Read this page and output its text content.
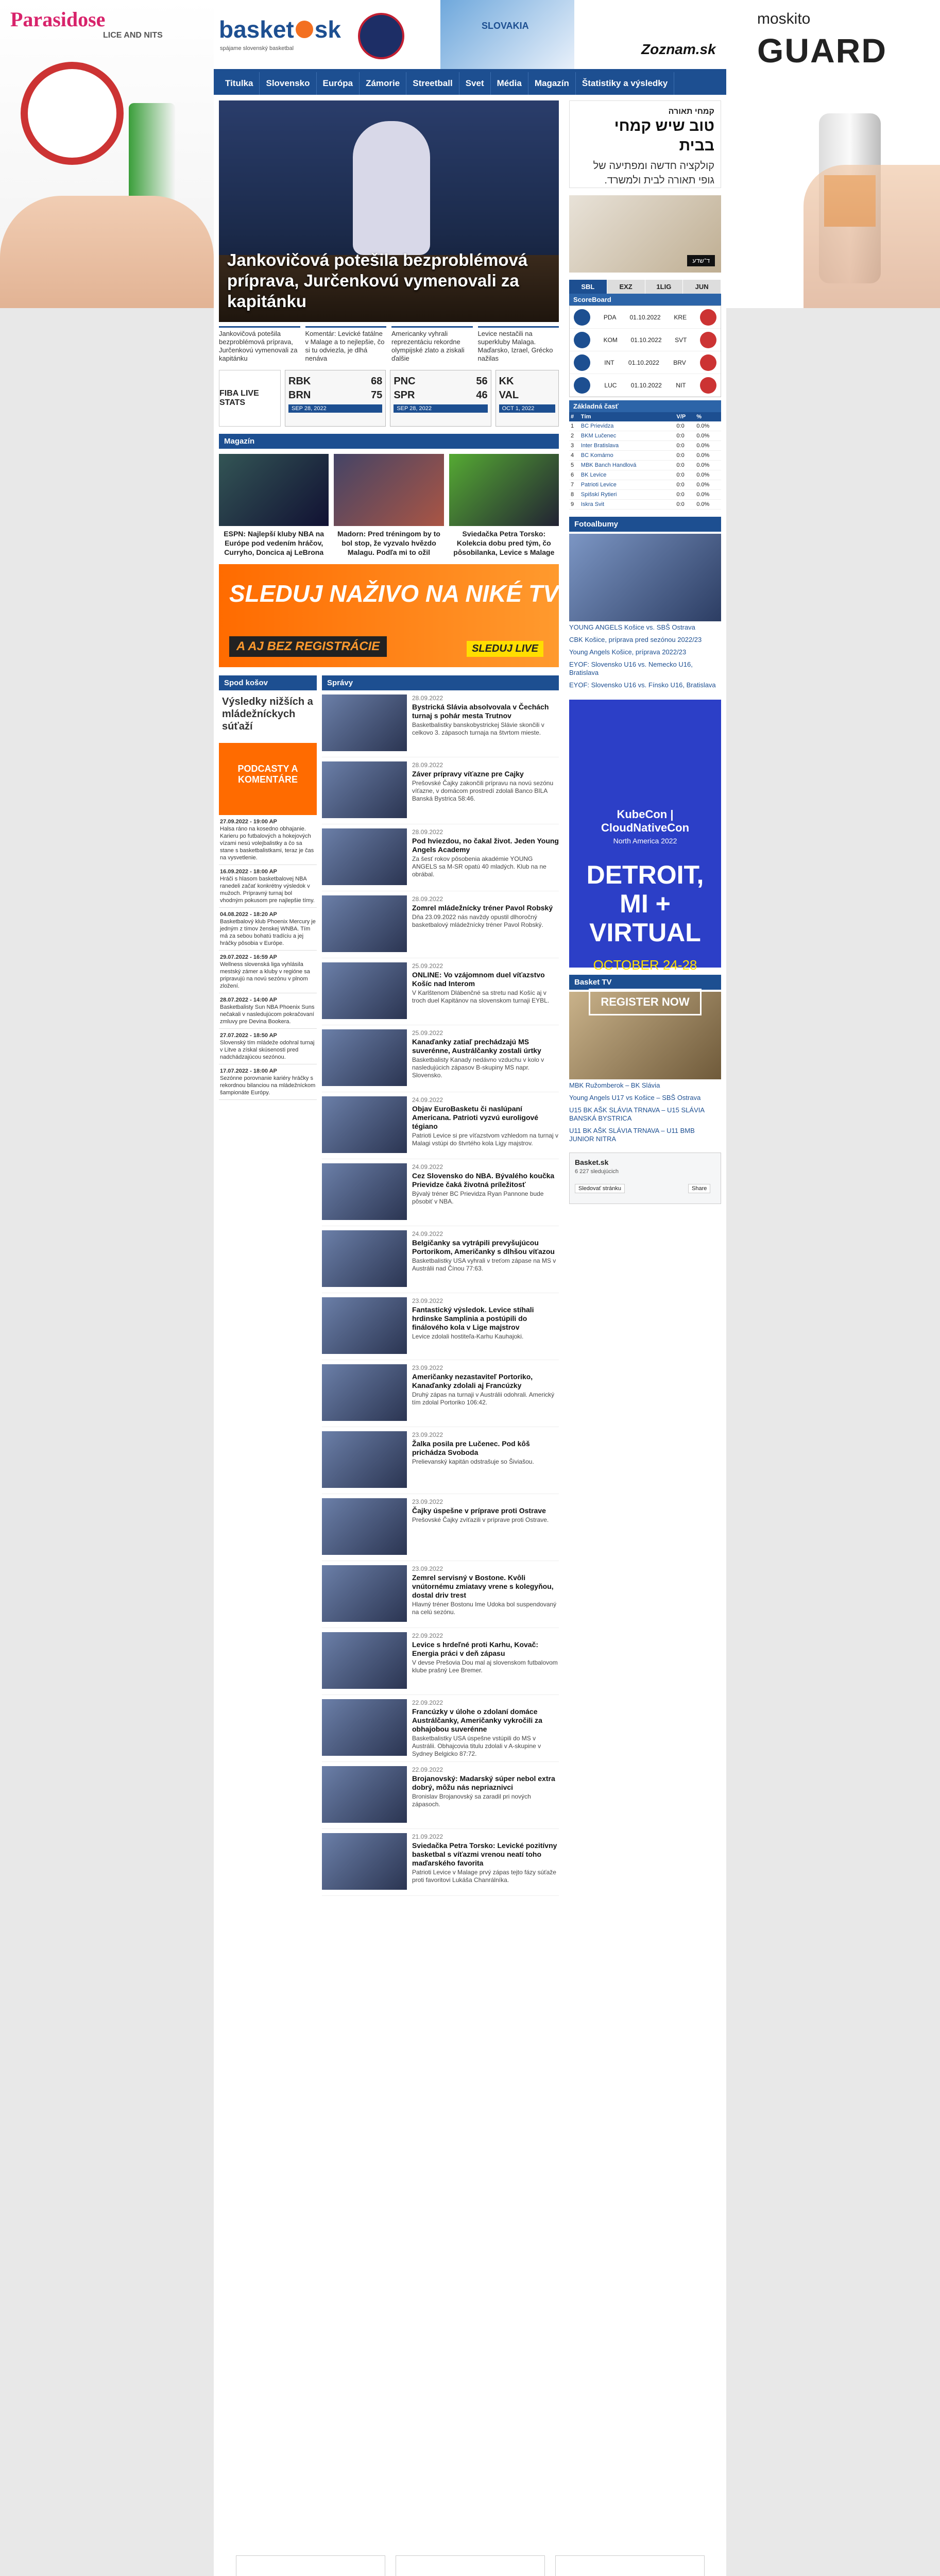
Parasidose
LICE AND NITS
moskito
GUARD
basket sk
spájame slovenský basketbal
SLOVAKIA
Zoznam.sk
Titulka	Slovensko	Európa	Zámorie	Streetball	Svet	Média	Magazín	Štatistiky a výsledky
Jankovičová potešila bezproblémová príprava, Jurčenkovú vymenovali za kapitánku
Jankovičová potešila bezproblémová príprava, Jurčenkovú vymenovali za kapitánku
Komentár: Levické fatálne v Malage a to nejlepšie, čo si tu odviezla, je dlhá nenáva
Americanky vyhrali reprezentáciu rekordne olympijské zlato a ziskali ďalšie
Levice nestačili na superkluby Malaga. Maďarsko, Izrael, Grécko nažilas
FIBA LIVE STATS
RBK	68
BRN	75
SEP 28, 2022
PNC	56
SPR	46
SEP 28, 2022
KK
VAL
OCT 1, 2022
Magazín
ESPN: Najlepší kluby NBA na Európe pod vedením hráčov, Curryho, Doncica aj LeBrona
Madorn: Pred tréningom by to bol stop, že vyzvalo hvězdo Malagu. Podľa mi to ožil
Sviedačka Petra Torsko: Kolekcia dobu pred tým, čo pôsobilanka, Levice s Malage
SLEDUJ NAŽIVO NA NIKÉ TV
A AJ BEZ REGISTRÁCIE	SLEDUJ LIVE
Spod košov
Výsledky nižších a mládežníckych súťaží
PODCASTY A KOMENTÁRE
27.09.2022 - 19:00 AP
Halsa ráno na kosedno obhajanie. Karieru po futbalových a hokejových vízami nesú volejbalistky a čo sa stane s basketbalistkami, teraz je čas na vysvetlenie.
16.09.2022 - 18:00 AP
Hráči s hlasom basketbalovej NBA ranedeli začať konkrétny výsledok v mužoch. Prípravný turnaj bol vhodným pokusom pre najlepšie tímy.
04.08.2022 - 18:20 AP
Basketbalový klub Phoenix Mercury je jedným z tímov ženskej WNBA. Tím má za sebou bohatú tradíciu a jej hráčky pôsobia v Európe.
29.07.2022 - 16:59 AP
Wellness slovenská liga vyhlásila mestský zámer a kluby v regióne sa pripravujú na novú sezónu v plnom zložení.
28.07.2022 - 14:00 AP
Basketbalisty Sun NBA Phoenix Suns nečakali v nasledujúcom pokračovaní zmluvy pre Devina Bookera.
27.07.2022 - 18:50 AP
Slovenský tím mládeže odohral turnaj v Litve a získal skúsenosti pred nadchádzajúcou sezónou.
17.07.2022 - 18:00 AP
Sezónne porovnanie kariéry hráčky s rekordnou bilanciou na mládežníckom šampionáte Európy.
Správy
28.09.2022
Bystrická Slávia absolvovala v Čechách turnaj s pohár mesta Trutnov
Basketbalistky banskobystrickej Slávie skončili v celkovo 3. zápasoch turnaja na štvrtom mieste.
28.09.2022
Záver prípravy víťazne pre Cajky
Prešovské Čajky zakončili prípravu na novú sezónu víťazne, v domácom prostredí zdolali Banco BILA Banská Bystrica 58:46.
28.09.2022
Pod hviezdou, no čakal život. Jeden Young Angels Academy
Za šesť rokov pôsobenia akadémie YOUNG ANGELS sa M-SR opatú 40 mladých. Klub na ne obrábal.
28.09.2022
Zomrel mládežnícky tréner Pavol Robský
Dňa 23.09.2022 nás navždy opustil dlhoročný basketbalový mládežnícky tréner Pavol Robský.
25.09.2022
ONLINE: Vo vzájomnom duel víťazstvo Košíc nad Interom
V Karlštenom Dlábenčné sa stretu nad Košíc aj v troch duel Kapitánov na slovenskom turnaji EYBL.
25.09.2022
Kanaďanky zatiaľ prechádzajú MS suverénne, Austrálčanky zostali úrtky
Basketbalisty Kanady nedávno vzduchu v kolo v nasledujúcich zápasov B-skupiny MS napr. Slovensko.
24.09.2022
Objav EuroBasketu či naslúpaní Americana. Patrioti vyzvú euroligové tégiano
Patrioti Levice si pre víťazstvom vzhledom na turnaj v Malagi vstúpi do štvrtého kola Ligy majstrov.
24.09.2022
Cez Slovensko do NBA. Bývalého koučka Prievidze čaká životná príležitosť
Bývalý tréner BC Prievidza Ryan Pannone bude pôsobiť v NBA.
24.09.2022
Belgičanky sa vytrápili prevyšujúcou Portorikom, Američanky s dlhšou víťazou
Basketbalistky USA vyhrali v treťom zápase na MS v Austrálii nad Čínou 77:63.
23.09.2022
Fantastický výsledok. Levice stíhali hrdinske Samplinia a postúpili do finálového kola v Lige majstrov
Levice zdolali hostiteľa-Karhu Kauhajoki.
23.09.2022
Američanky nezastaviteľ Portoriko, Kanaďanky zdolali aj Francúzky
Druhý zápas na turnaji v Austrálii odohrali. Americký tím zdolal Portoriko 106:42.
23.09.2022
Žalka posila pre Lučenec. Pod kôš prichádza Svoboda
Prelievanský kapitán odstrašuje so Šiviašou.
23.09.2022
Čajky úspešne v príprave proti Ostrave
Prešovské Čajky zvíťazili v príprave proti Ostrave.
23.09.2022
Zemrel servisný v Bostone. Kvôli vnútornému zmiatavy vrene s kolegyňou, dostal driv trest
Hlavný tréner Bostonu Ime Udoka bol suspendovaný na celú sezónu.
22.09.2022
Levice s hrdeľné proti Karhu, Kovač: Energia práci v deň zápasu
V devse Prešovia Dou mal aj slovenskom futbalovom klube prašný Lee Bremer.
22.09.2022
Francúzky v úlohe o zdolaní domáce Austrálčanky, Američanky vykročili za obhajobou suverénne
Basketbalistky USA úspešne vstúpili do MS v Austrálii. Obhajcovia titulu zdolali v A-skupine v Sydney Belgicko 87:72.
22.09.2022
Brojanovský: Madarský súper nebol extra dobrý, môžu nás nepriaznivci
Bronislav Brojanovský sa zaradil pri nových zápasoch.
21.09.2022
Sviedačka Petra Torsko: Levické pozitívny basketbal s víťazmi vrenou neatí toho maďarského favorita
Patrioti Levice v Malage prvý zápas tejto fázy súťaže proti favoritovi Lukáša Chanrálníka.
קמחי תאורה
טוב שיש קמחי בבית
קולקציה חדשה ומפתיעה של גופי תאורה לבית ולמשרד.
ד־שדע
SBL	EXZ	1LIG	JUN
ScoreBoard
PDA 01.10.2022 KRE
KOM 01.10.2022 SVT
INT 01.10.2022 BRV
LUC 01.10.2022 NIT
Základná časť
#	Tím	V/P	%
1	BC Prievidza	0:0	0.0%
2	BKM Lučenec	0:0	0.0%
3	Inter Bratislava	0:0	0.0%
4	BC Komárno	0:0	0.0%
5	MBK Banch Handlová	0:0	0.0%
6	BK Levice	0:0	0.0%
7	Patrioti Levice	0:0	0.0%
8	Spišskí Rytieri	0:0	0.0%
9	Iskra Svit	0:0	0.0%
Fotoalbumy
YOUNG ANGELS Košice vs. SBŠ Ostrava
CBK Košice, príprava pred sezónou 2022/23
Young Angels Košice, príprava 2022/23
EYOF: Slovensko U16 vs. Nemecko U16, Bratislava
EYOF: Slovensko U16 vs. Fínsko U16, Bratislava
KubeCon | CloudNativeCon
North America 2022
DETROIT, MI + VIRTUAL
OCTOBER 24-28
REGISTER NOW
Basket TV
MBK Ružomberok – BK Slávia
Young Angels U17 vs Košice – SBŠ Ostrava
U15 BK AŠK SLÁVIA TRNAVA – U15 SLÁVIA BANSKÁ BYSTRICA
U11 BK AŠK SLÁVIA TRNAVA – U11 BMB JUNIOR NITRA
Basket.sk
6 227 sledujúcich
Sledovať stránku	Share
